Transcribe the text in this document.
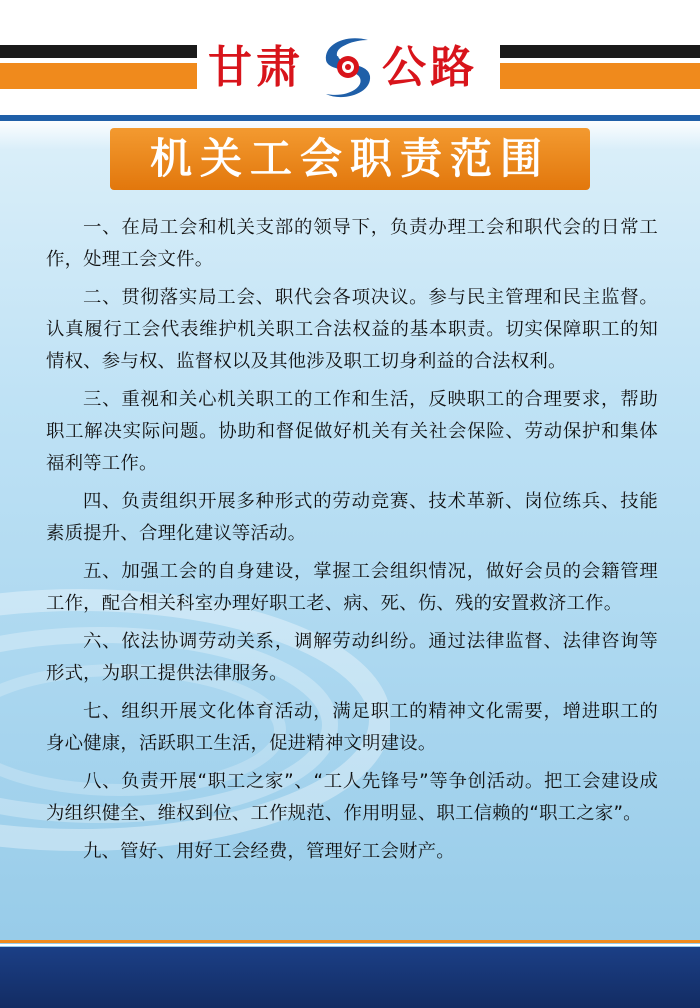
甘肃 公路
机关工会职责范围

一、在局工会和机关支部的领导下，负责办理工会和职代会的日常工作，处理工会文件。

二、贯彻落实局工会、职代会各项决议。参与民主管理和民主监督。认真履行工会代表维护机关职工合法权益的基本职责。切实保障职工的知情权、参与权、监督权以及其他涉及职工切身利益的合法权利。

三、重视和关心机关职工的工作和生活，反映职工的合理要求，帮助职工解决实际问题。协助和督促做好机关有关社会保险、劳动保护和集体福利等工作。

四、负责组织开展多种形式的劳动竞赛、技术革新、岗位练兵、技能素质提升、合理化建议等活动。

五、加强工会的自身建设，掌握工会组织情况，做好会员的会籍管理工作，配合相关科室办理好职工老、病、死、伤、残的安置救济工作。

六、依法协调劳动关系，调解劳动纠纷。通过法律监督、法律咨询等形式，为职工提供法律服务。

七、组织开展文化体育活动，满足职工的精神文化需要，增进职工的身心健康，活跃职工生活，促进精神文明建设。

八、负责开展“职工之家”、“工人先锋号”等争创活动。把工会建设成为组织健全、维权到位、工作规范、作用明显、职工信赖的“职工之家”。

九、管好、用好工会经费，管理好工会财产。
